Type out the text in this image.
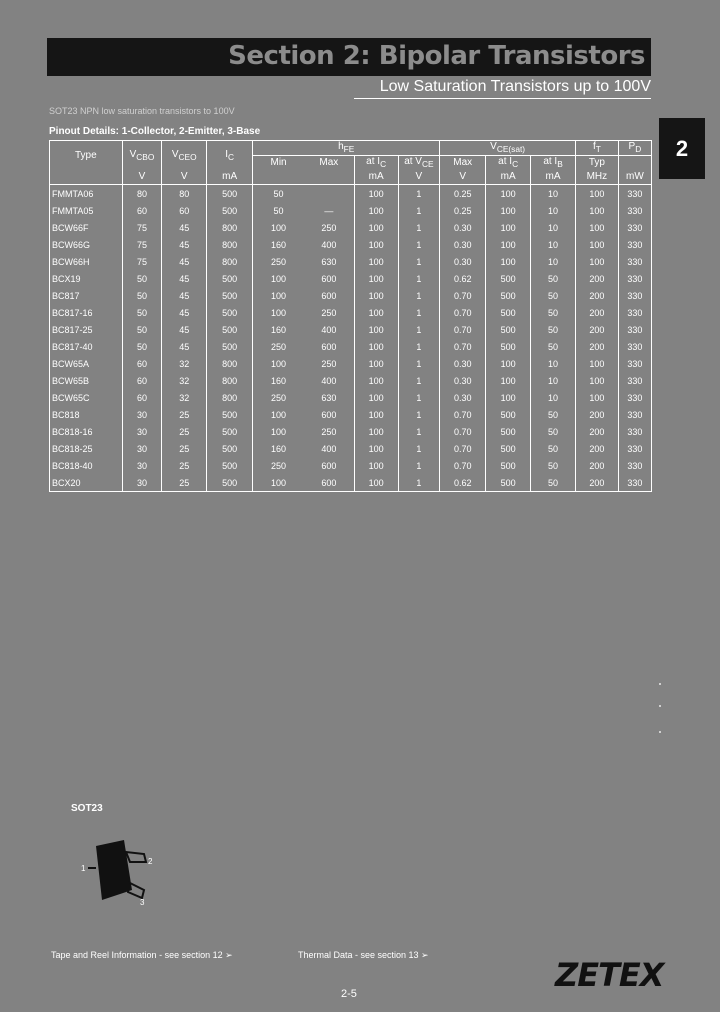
Section 2: Bipolar Transistors
Low Saturation Transistors up to 100V
SOT23 NPN low saturation transistors to 100V
2
Pinout Details: 1-Collector, 2-Emitter, 3-Base
Type	$V_{CBO}$	$V_{CEO}$	$I_C$	$h_{FE}$				$V_{CE(sat)}$			$f_T$	$P_D$
				Min	Max	at $I_C$	at $V_{CE}$	Max	at $I_C$	at $I_B$	Typ	
	V	V	mA			mA	V	V	mA	mA	MHz	mW
FMMTA06	80	80	500	50		100	1	0.25	100	10	100	330
FMMTA05	60	60	500	50	—	100	1	0.25	100	10	100	330
BCW66F	75	45	800	100	250	100	1	0.30	100	10	100	330
BCW66G	75	45	800	160	400	100	1	0.30	100	10	100	330
BCW66H	75	45	800	250	630	100	1	0.30	100	10	100	330
BCX19	50	45	500	100	600	100	1	0.62	500	50	200	330
BC817	50	45	500	100	600	100	1	0.70	500	50	200	330
BC817-16	50	45	500	100	250	100	1	0.70	500	50	200	330
BC817-25	50	45	500	160	400	100	1	0.70	500	50	200	330
BC817-40	50	45	500	250	600	100	1	0.70	500	50	200	330
BCW65A	60	32	800	100	250	100	1	0.30	100	10	100	330
BCW65B	60	32	800	160	400	100	1	0.30	100	10	100	330
BCW65C	60	32	800	250	630	100	1	0.30	100	10	100	330
BC818	30	25	500	100	600	100	1	0.70	500	50	200	330
BC818-16	30	25	500	100	250	100	1	0.70	500	50	200	330
BC818-25	30	25	500	160	400	100	1	0.70	500	50	200	330
BC818-40	30	25	500	250	600	100	1	0.70	500	50	200	330
BCX20	30	25	500	100	600	100	1	0.62	500	50	200	330
SOT23
1
2
3
Tape and Reel Information - see section 12 ➢	Thermal Data - see section 13 ➢
ZETEX
2-5
